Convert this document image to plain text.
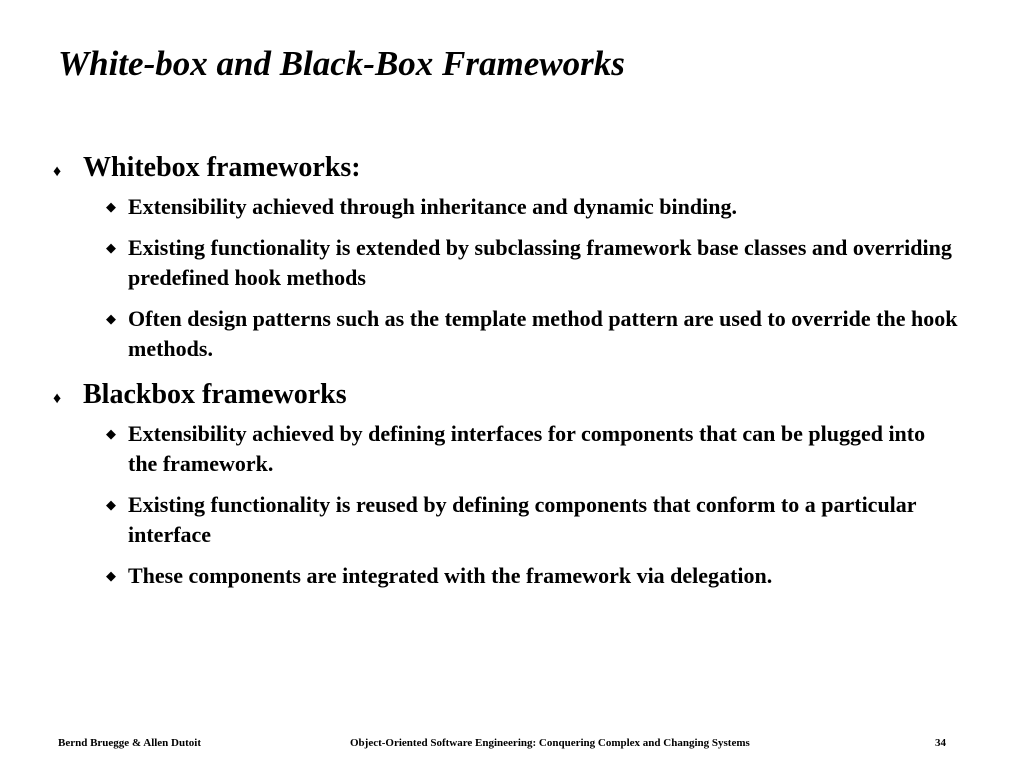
White-box and Black-Box Frameworks
♦ Whitebox frameworks:
◆ Extensibility achieved through inheritance and dynamic binding.
◆ Existing functionality is extended by subclassing framework base classes and overriding predefined hook methods
◆ Often design patterns such as the template method pattern are used to override the hook methods.
♦ Blackbox frameworks
◆ Extensibility achieved by defining interfaces for components that can be plugged into the framework.
◆ Existing functionality is reused by defining components that conform to a particular interface
◆ These components are integrated with the framework via delegation.
Bernd Bruegge & Allen Dutoit	Object-Oriented Software Engineering: Conquering Complex and Changing Systems	34
